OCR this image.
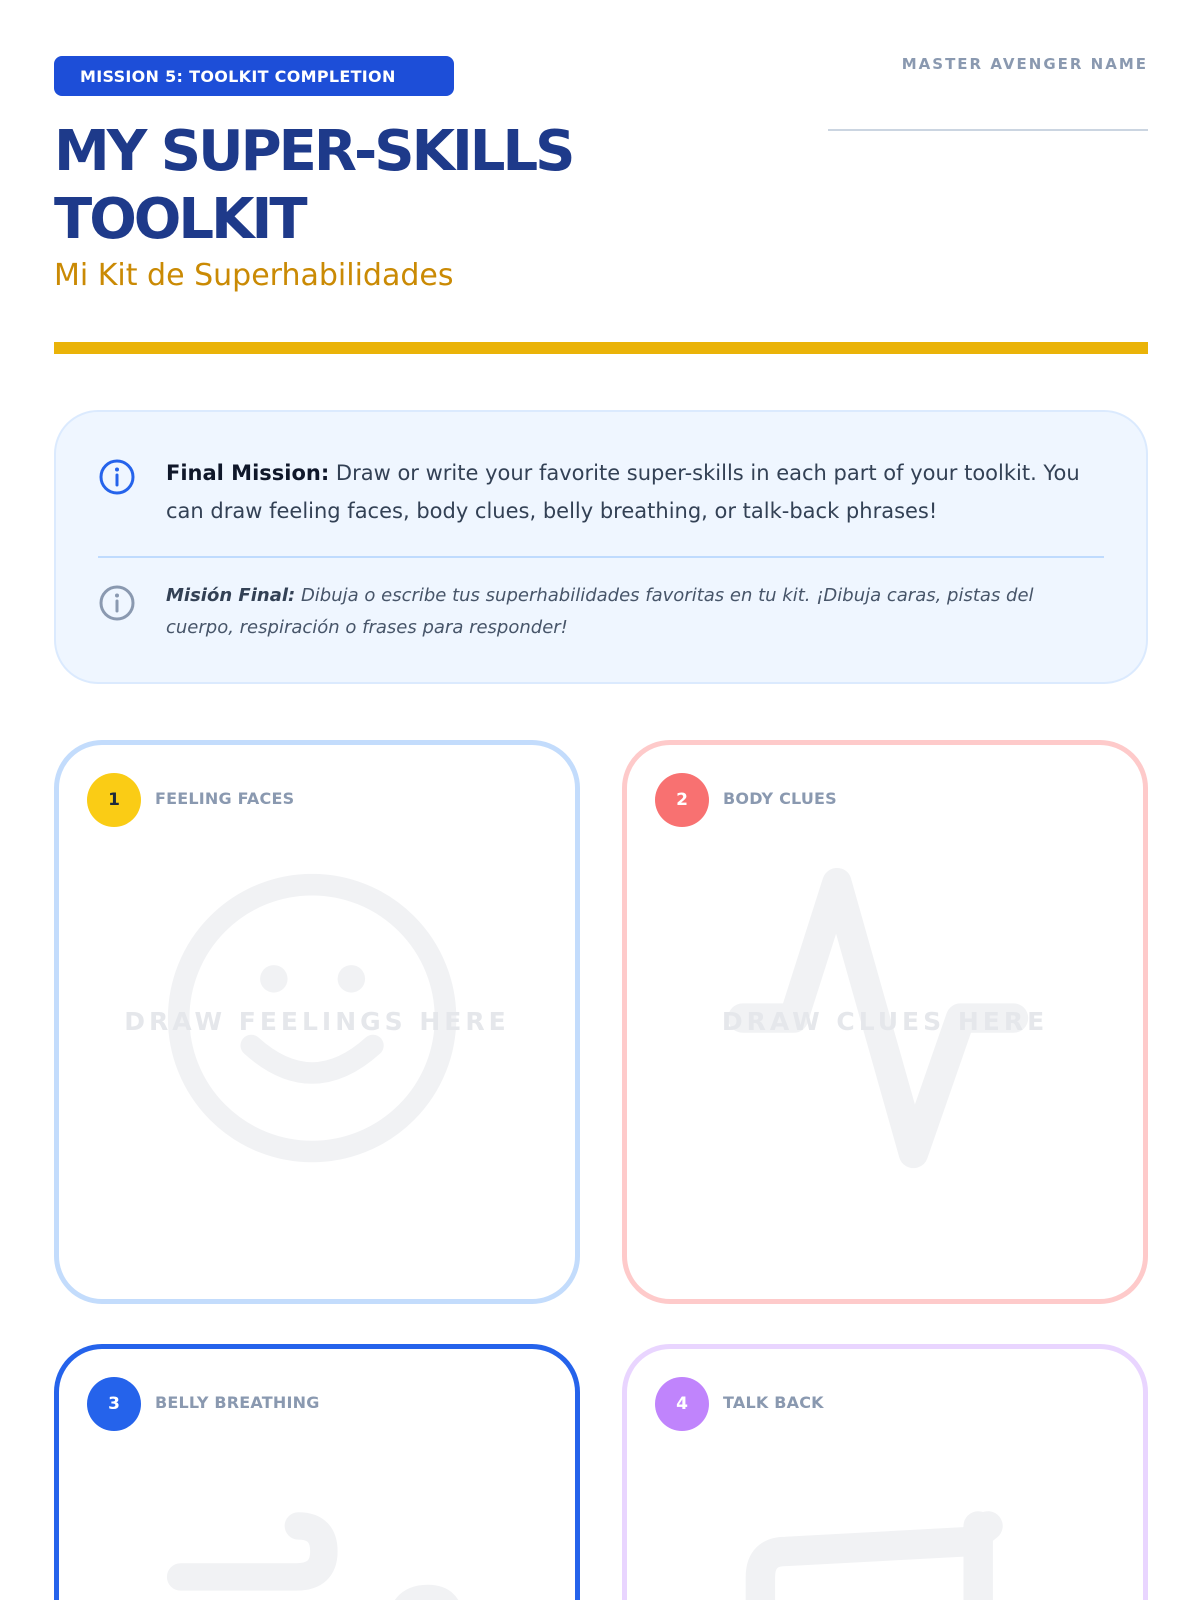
MISSION 5: TOOLKIT COMPLETION
MY SUPER-SKILLS
TOOLKIT
Mi Kit de Superhabilidades
MASTER AVENGER NAME

Final Mission: Draw or write your favorite super-skills in each part of your toolkit. You can draw feeling faces, body clues, belly breathing, or talk-back phrases!

Misión Final: Dibuja o escribe tus superhabilidades favoritas en tu kit. ¡Dibuja caras, pistas del cuerpo, respiración o frases para responder!

1	FEELING FACES
DRAW FEELINGS HERE
2	BODY CLUES
DRAW CLUES HERE
3	BELLY BREATHING	4	TALK BACK
